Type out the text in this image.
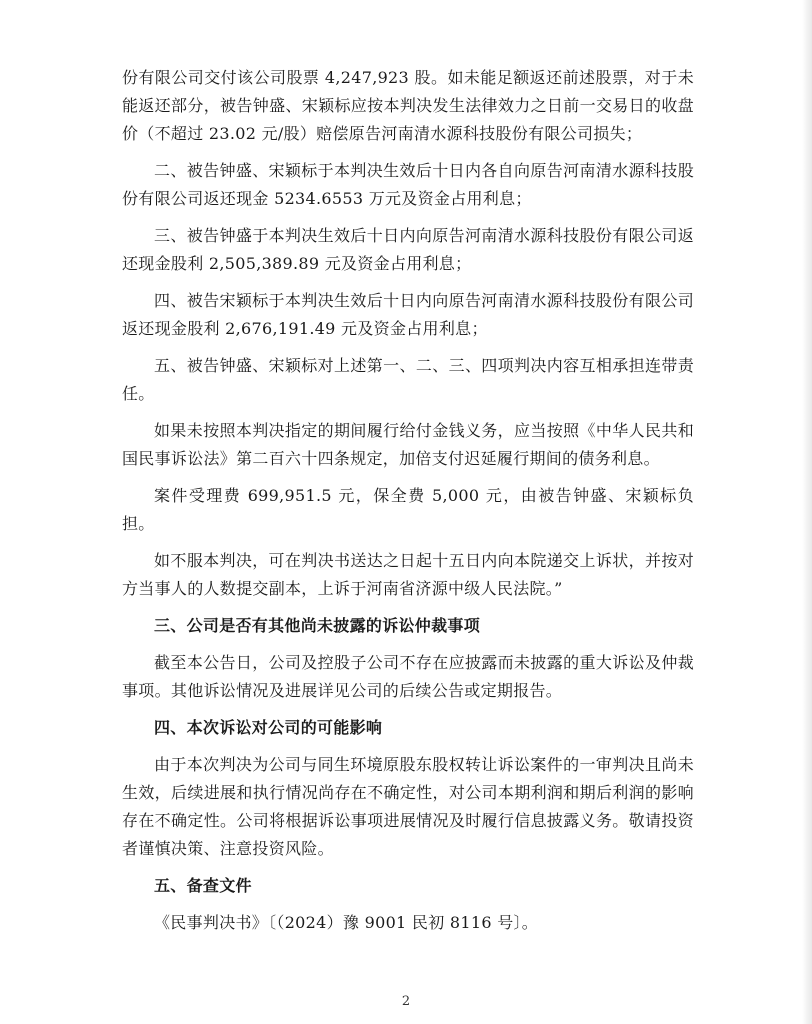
份有限公司交付该公司股票 4,247,923 股。如未能足额返还前述股票，对于未能返还部分，被告钟盛、宋颖标应按本判决发生法律效力之日前一交易日的收盘价（不超过 23.02 元/股）赔偿原告河南清水源科技股份有限公司损失；

二、被告钟盛、宋颖标于本判决生效后十日内各自向原告河南清水源科技股份有限公司返还现金 5234.6553 万元及资金占用利息；

三、被告钟盛于本判决生效后十日内向原告河南清水源科技股份有限公司返还现金股利 2,505,389.89 元及资金占用利息；

四、被告宋颖标于本判决生效后十日内向原告河南清水源科技股份有限公司返还现金股利 2,676,191.49 元及资金占用利息；

五、被告钟盛、宋颖标对上述第一、二、三、四项判决内容互相承担连带责任。

如果未按照本判决指定的期间履行给付金钱义务，应当按照《中华人民共和国民事诉讼法》第二百六十四条规定，加倍支付迟延履行期间的债务利息。

案件受理费 699,951.5 元，保全费 5,000 元，由被告钟盛、宋颖标负担。

如不服本判决，可在判决书送达之日起十五日内向本院递交上诉状，并按对方当事人的人数提交副本，上诉于河南省济源中级人民法院。”

三、公司是否有其他尚未披露的诉讼仲裁事项

截至本公告日，公司及控股子公司不存在应披露而未披露的重大诉讼及仲裁事项。其他诉讼情况及进展详见公司的后续公告或定期报告。

四、本次诉讼对公司的可能影响

由于本次判决为公司与同生环境原股东股权转让诉讼案件的一审判决且尚未生效，后续进展和执行情况尚存在不确定性，对公司本期利润和期后利润的影响存在不确定性。公司将根据诉讼事项进展情况及时履行信息披露义务。敬请投资者谨慎决策、注意投资风险。

五、备查文件

《民事判决书》〔（2024）豫 9001 民初 8116 号〕。

2
